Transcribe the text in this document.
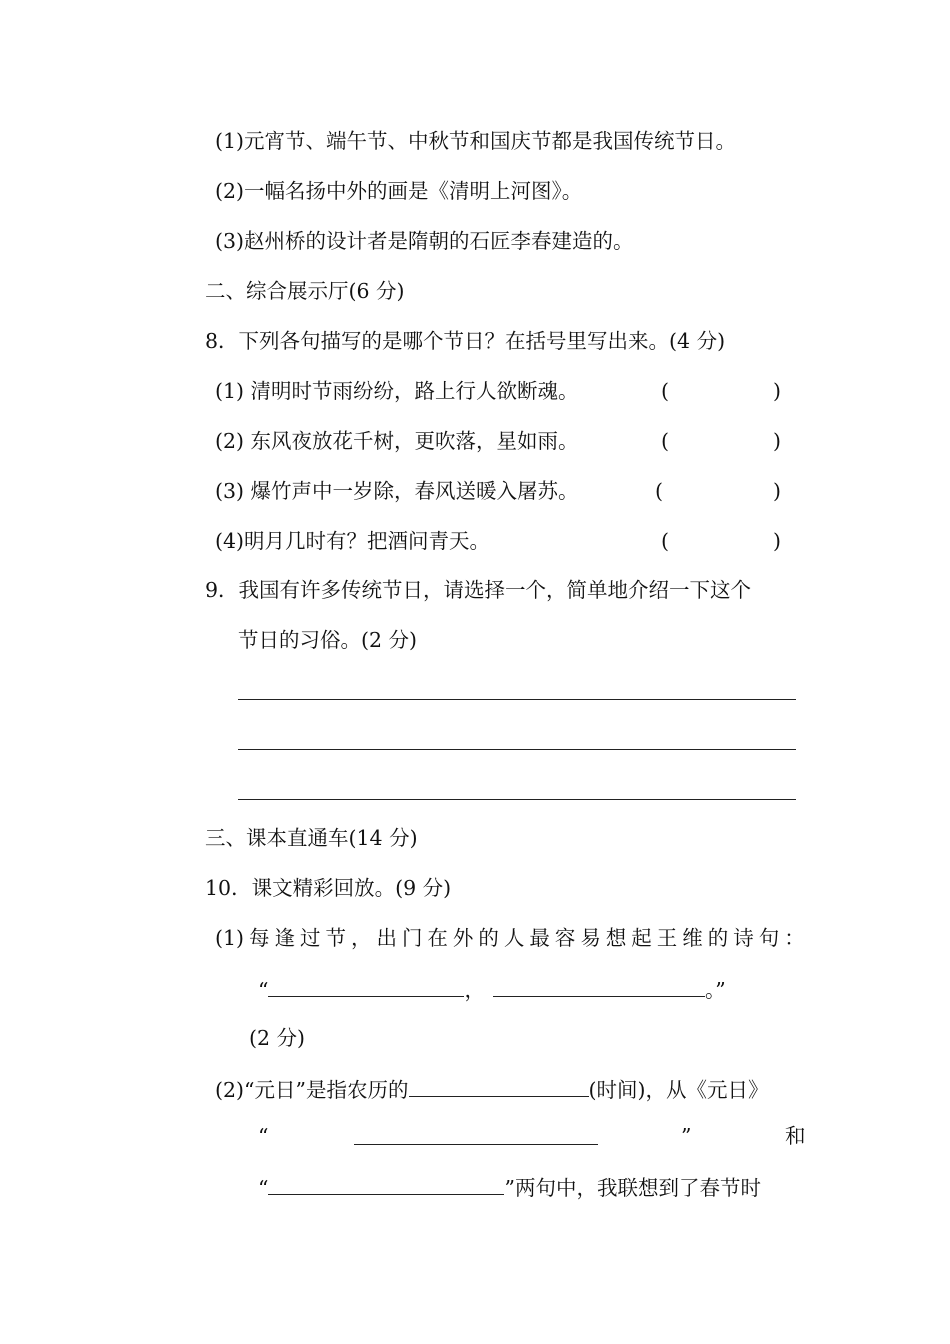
(1)元宵节、端午节、中秋节和国庆节都是我国传统节日。
(2)一幅名扬中外的画是《清明上河图》。
(3)赵州桥的设计者是隋朝的石匠李春建造的。
二、综合展示厅(6 分)
8．下列各句描写的是哪个节日？在括号里写出来。(4 分)
(1) 清明时节雨纷纷，路上行人欲断魂。	(	)
(2) 东风夜放花千树，更吹落，星如雨。	(	)
(3) 爆竹声中一岁除，春风送暖入屠苏。	(	)
(4)明月几时有？把酒问青天。	(	)
9．我国有许多传统节日，请选择一个，简单地介绍一下这个
节日的习俗。(2 分)
三、课本直通车(14 分)
10．课文精彩回放。(9 分)
(1) 每 逢 过 节 ， 出 门 在 外 的 人 最 容 易 想 起 王 维 的 诗 句 ：
“	，	。”
(2 分)
(2)“元日”是指农历的	(时间)，从《元日》
“	”	和
“	”两句中，我联想到了春节时
